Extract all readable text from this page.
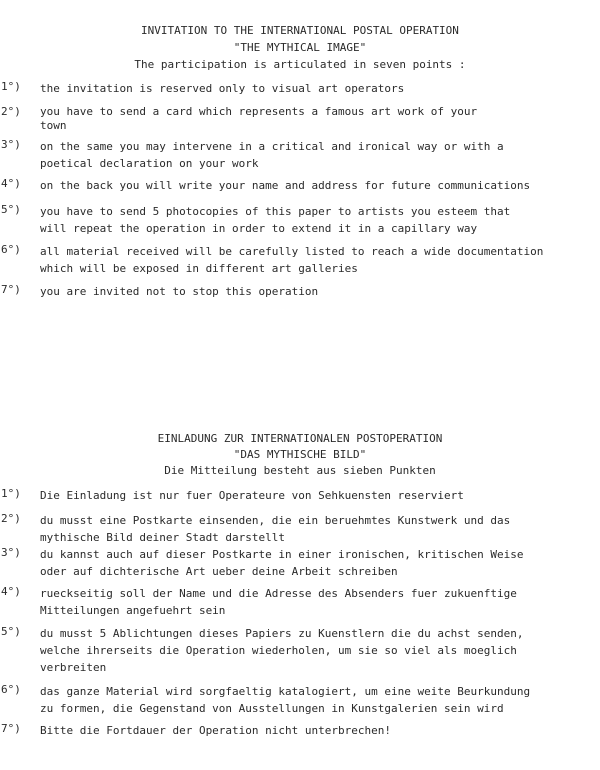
INVITATION TO THE INTERNATIONAL POSTAL OPERATION
"THE MYTHICAL IMAGE"
The participation is articulated in seven points :
1°) the invitation is reserved only to visual art operators
2°) you have to send a card which represents a famous art work of your
town
3°) on the same you may intervene in a critical and ironical way or with a
poetical declaration on your work
4°) on the back you will write your name and address for future communications
5°) you have to send 5 photocopies of this paper to artists you esteem that
will repeat the operation in order to extend it in a capillary way
6°) all material received will be carefully listed to reach a wide documentation
which will be exposed in different art galleries
7°) you are invited not to stop this operation
EINLADUNG ZUR INTERNATIONALEN POSTOPERATION
"DAS MYTHISCHE BILD"
Die Mitteilung besteht aus sieben Punkten
1°) Die Einladung ist nur fuer Operateure von Sehkuensten reserviert
2°) du musst eine Postkarte einsenden, die ein beruehmtes Kunstwerk und das
mythische Bild deiner Stadt darstellt
3°) du kannst auch auf dieser Postkarte in einer ironischen, kritischen Weise
oder auf dichterische Art ueber deine Arbeit schreiben
4°) rueckseitig soll der Name und die Adresse des Absenders fuer zukuenftige
Mitteilungen angefuehrt sein
5°) du musst 5 Ablichtungen dieses Papiers zu Kuenstlern die du achst senden,
welche ihrerseits die Operation wiederholen, um sie so viel als moeglich
verbreiten
6°) das ganze Material wird sorgfaeltig katalogiert, um eine weite Beurkundung
zu formen, die Gegenstand von Ausstellungen in Kunstgalerien sein wird
7°) Bitte die Fortdauer der Operation nicht unterbrechen!
